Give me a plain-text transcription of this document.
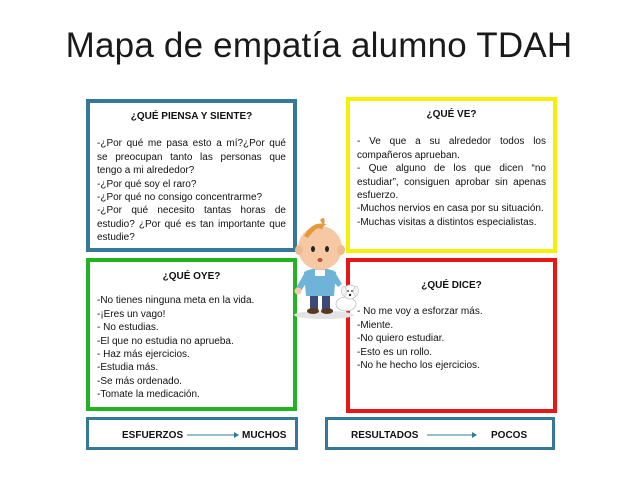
Mapa de empatía alumno TDAH
¿QUÉ PIENSA Y SIENTE?

-¿Por qué me pasa esto a mí?¿Por qué se preocupan tanto las personas que tengo a mi alrededor?

-¿Por qué soy el raro?

-¿Por qué no consigo concentrarme?

-¿Por qué necesito tantas horas de estudio? ¿Por qué es tan importante que estudie?

¿QUÉ VE?

- Ve que a su alrededor todos los compañeros aprueban.

- Que alguno de los que dicen “no estudiar”, consiguen aprobar sin apenas esfuerzo.

-Muchos nervios en casa por su situación.

-Muchas visitas a distintos especialistas.

¿QUÉ OYE?

-No tienes ninguna meta en la vida.

-¡Eres un vago!

- No estudias.

-El que no estudia no aprueba.

- Haz más ejercicios.

-Estudia más.

-Se más ordenado.

-Tomate la medicación.

¿QUÉ DICE?

- No me voy a esforzar más.

-Miente.

-No quiero estudiar.

-Esto es un rollo.

-No he hecho los ejercicios.

ESFUERZOS	MUCHOS	RESULTADOS	POCOS
